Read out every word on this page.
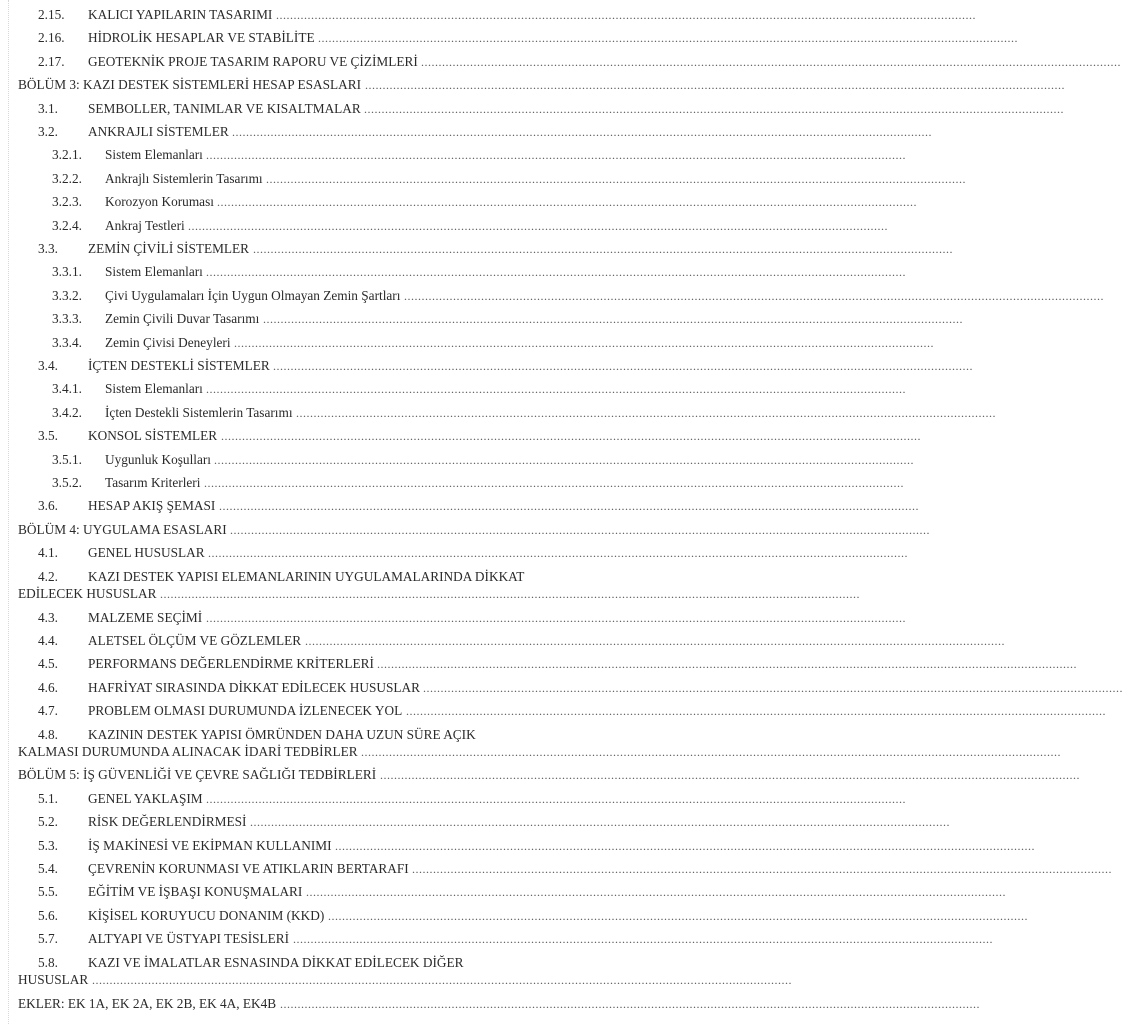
2.15. KALICI YAPILARIN TASARIMI ........................................................................................................................................................................................................
2.16. HİDROLİK HESAPLAR VE STABİLİTE ........................................................................................................................................................................................................
2.17. GEOTEKNİK PROJE TASARIM RAPORU VE ÇİZİMLERİ ........................................................................................................................................................................................................
BÖLÜM 3: KAZI DESTEK SİSTEMLERİ HESAP ESASLARI ........................................................................................................................................................................................................
3.1. SEMBOLLER, TANIMLAR VE KISALTMALAR ........................................................................................................................................................................................................
3.2. ANKRAJLI SİSTEMLER ........................................................................................................................................................................................................
3.2.1. Sistem Elemanları ........................................................................................................................................................................................................
3.2.2. Ankrajlı Sistemlerin Tasarımı ........................................................................................................................................................................................................
3.2.3. Korozyon Koruması ........................................................................................................................................................................................................
3.2.4. Ankraj Testleri ........................................................................................................................................................................................................
3.3. ZEMİN ÇİVİLİ SİSTEMLER ........................................................................................................................................................................................................
3.3.1. Sistem Elemanları ........................................................................................................................................................................................................
3.3.2. Çivi Uygulamaları İçin Uygun Olmayan Zemin Şartları ........................................................................................................................................................................................................
3.3.3. Zemin Çivili Duvar Tasarımı ........................................................................................................................................................................................................
3.3.4. Zemin Çivisi Deneyleri ........................................................................................................................................................................................................
3.4. İÇTEN DESTEKLİ SİSTEMLER ........................................................................................................................................................................................................
3.4.1. Sistem Elemanları ........................................................................................................................................................................................................
3.4.2. İçten Destekli Sistemlerin Tasarımı ........................................................................................................................................................................................................
3.5. KONSOL SİSTEMLER ........................................................................................................................................................................................................
3.5.1. Uygunluk Koşulları ........................................................................................................................................................................................................
3.5.2. Tasarım Kriterleri ........................................................................................................................................................................................................
3.6. HESAP AKIŞ ŞEMASI ........................................................................................................................................................................................................
BÖLÜM 4: UYGULAMA ESASLARI ........................................................................................................................................................................................................
4.1. GENEL HUSUSLAR ........................................................................................................................................................................................................
4.2. KAZI DESTEK YAPISI ELEMANLARININ UYGULAMALARINDA DİKKAT
EDİLECEK HUSUSLAR ........................................................................................................................................................................................................
4.3. MALZEME SEÇİMİ ........................................................................................................................................................................................................
4.4. ALETSEL ÖLÇÜM VE GÖZLEMLER ........................................................................................................................................................................................................
4.5. PERFORMANS DEĞERLENDİRME KRİTERLERİ ........................................................................................................................................................................................................
4.6. HAFRİYAT SIRASINDA DİKKAT EDİLECEK HUSUSLAR ........................................................................................................................................................................................................
4.7. PROBLEM OLMASI DURUMUNDA İZLENECEK YOL ........................................................................................................................................................................................................
4.8. KAZININ DESTEK YAPISI ÖMRÜNDEN DAHA UZUN SÜRE AÇIK
KALMASI DURUMUNDA ALINACAK İDARİ TEDBİRLER ........................................................................................................................................................................................................
BÖLÜM 5: İŞ GÜVENLİĞİ VE ÇEVRE SAĞLIĞI TEDBİRLERİ ........................................................................................................................................................................................................
5.1. GENEL YAKLAŞIM ........................................................................................................................................................................................................
5.2. RİSK DEĞERLENDİRMESİ ........................................................................................................................................................................................................
5.3. İŞ MAKİNESİ VE EKİPMAN KULLANIMI ........................................................................................................................................................................................................
5.4. ÇEVRENİN KORUNMASI VE ATIKLARIN BERTARAFI ........................................................................................................................................................................................................
5.5. EĞİTİM VE İŞBAŞI KONUŞMALARI ........................................................................................................................................................................................................
5.6. KİŞİSEL KORUYUCU DONANIM (KKD) ........................................................................................................................................................................................................
5.7. ALTYAPI VE ÜSTYAPI TESİSLERİ ........................................................................................................................................................................................................
5.8. KAZI VE İMALATLAR ESNASINDA DİKKAT EDİLECEK DİĞER
HUSUSLAR ........................................................................................................................................................................................................
EKLER: EK 1A, EK 2A, EK 2B, EK 4A, EK4B ........................................................................................................................................................................................................
